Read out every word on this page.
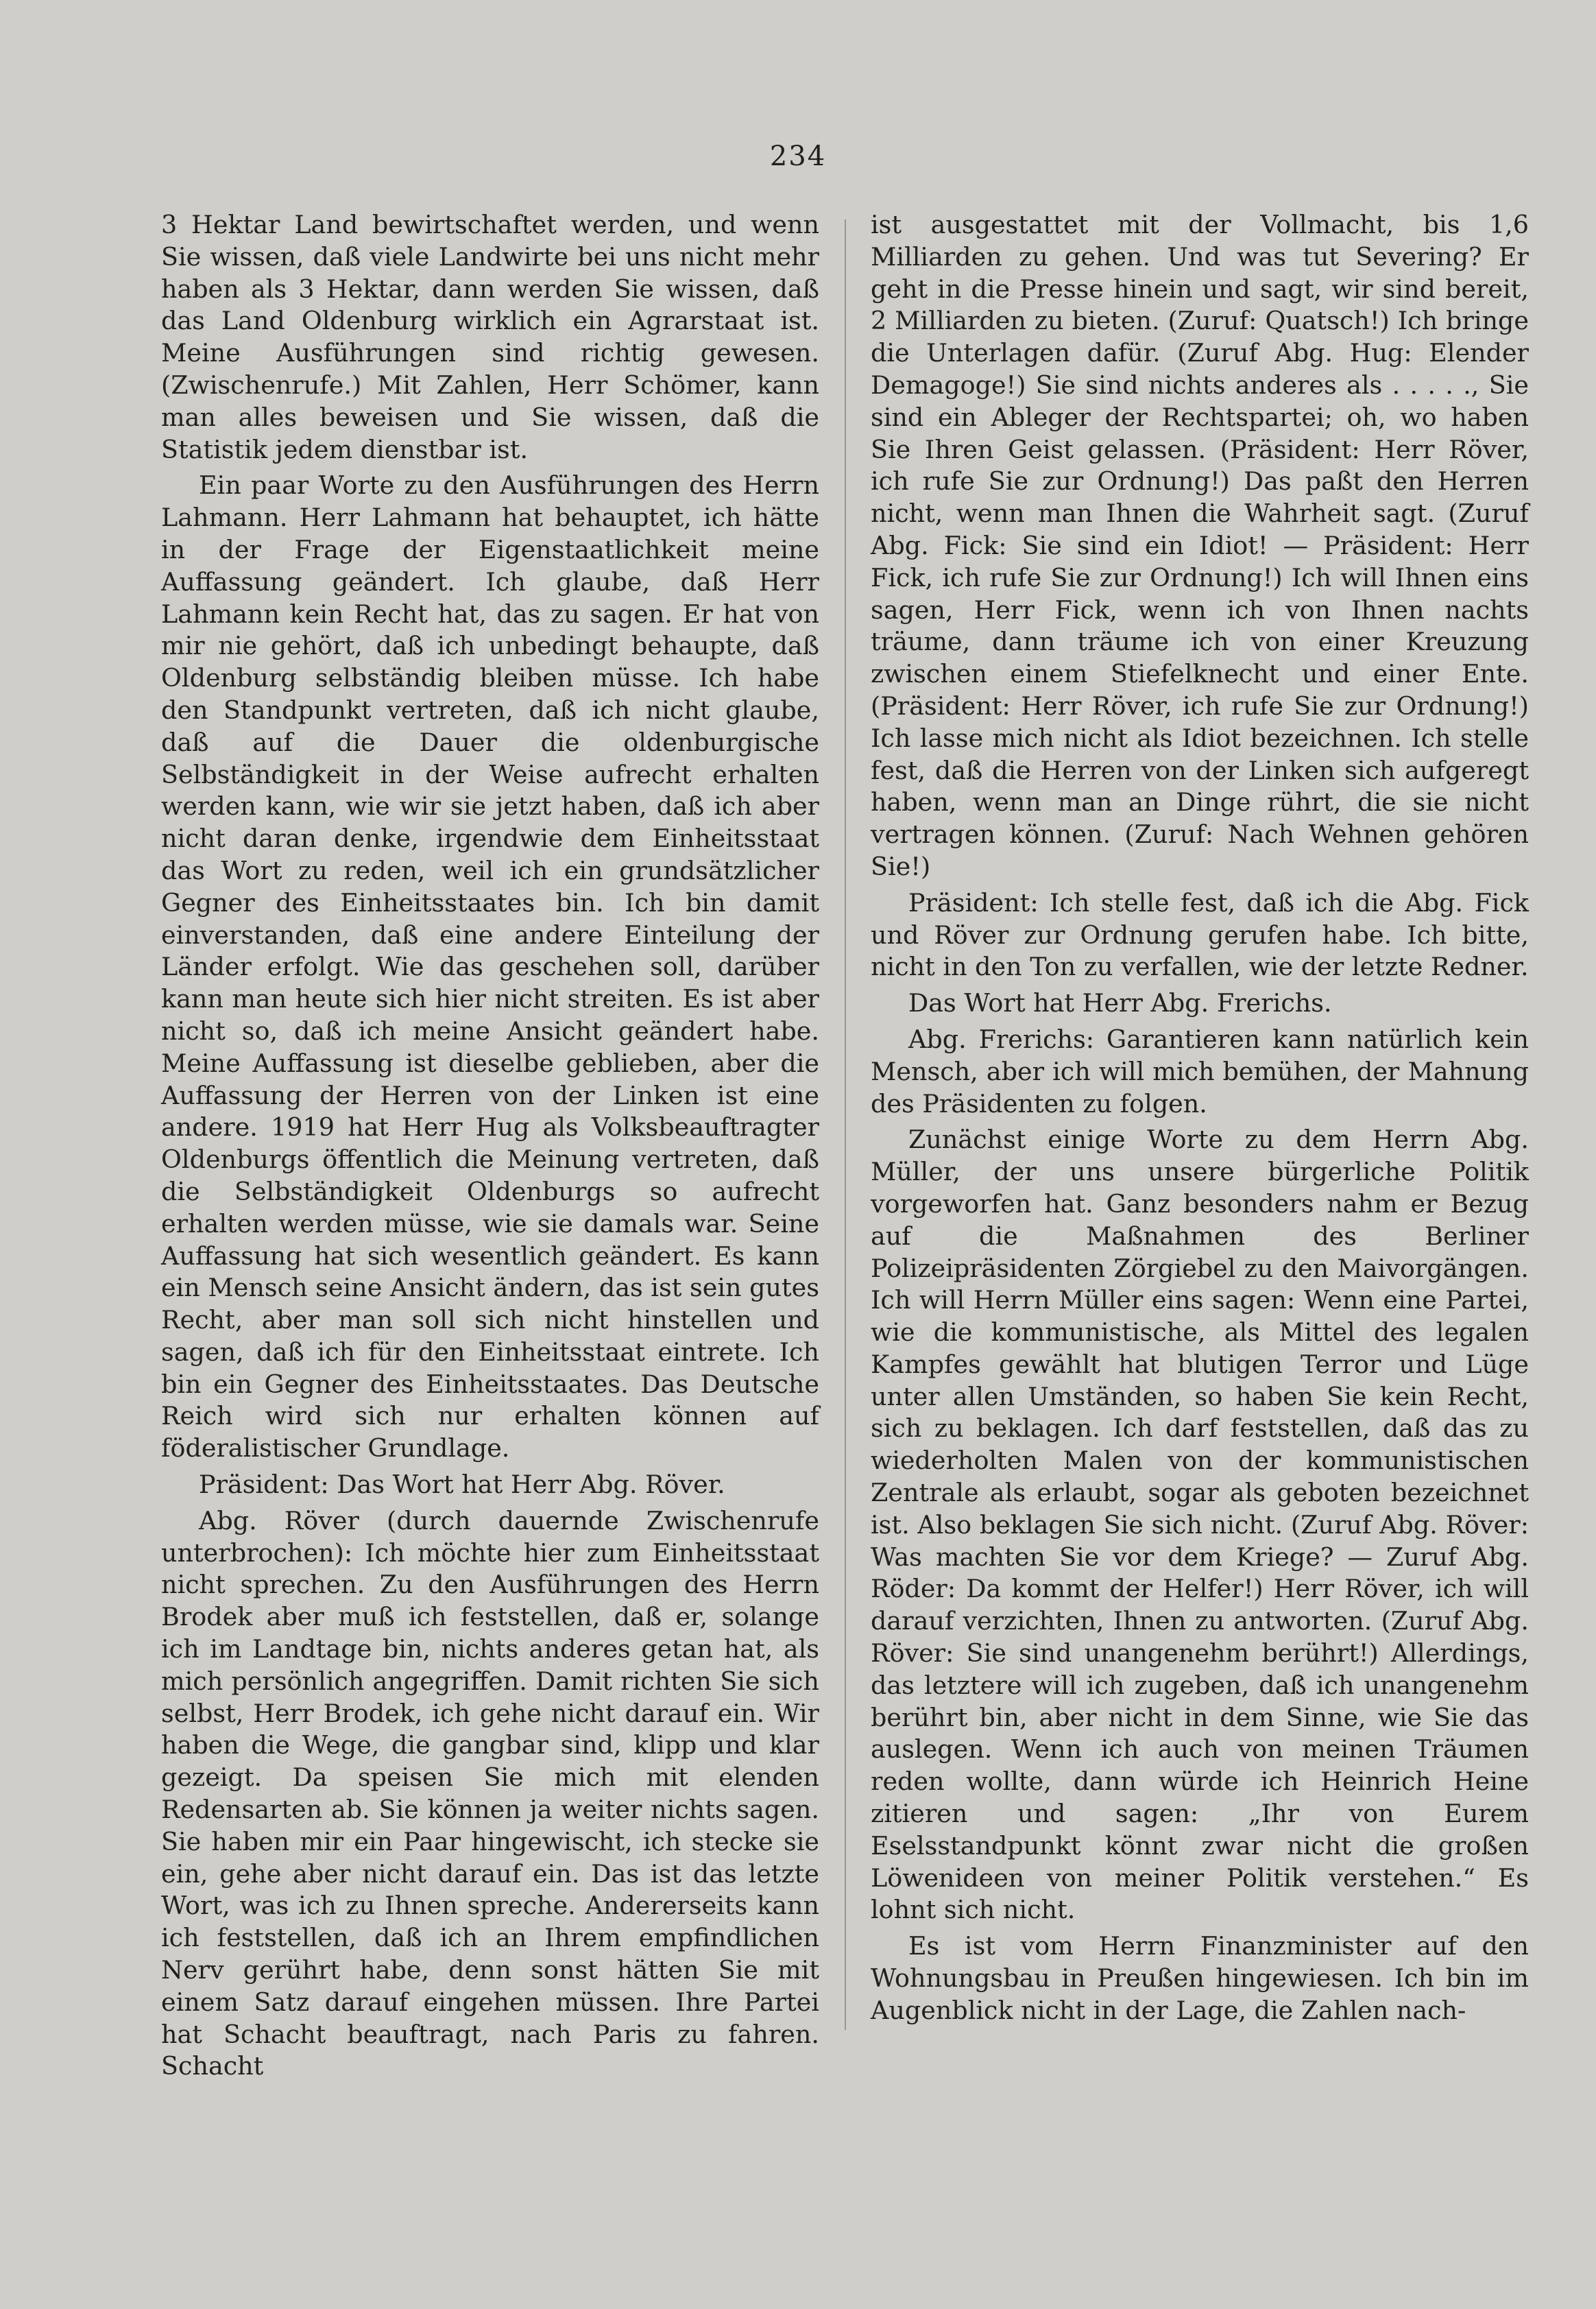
234

3 Hektar Land bewirtschaftet werden, und wenn Sie wissen, daß viele Landwirte bei uns nicht mehr haben als 3 Hektar, dann werden Sie wissen, daß das Land Oldenburg wirklich ein Agrarstaat ist. Meine Ausführungen sind richtig gewesen. (Zwischenrufe.) Mit Zahlen, Herr Schömer, kann man alles beweisen und Sie wissen, daß die Statistik jedem dienstbar ist.

Ein paar Worte zu den Ausführungen des Herrn Lahmann. Herr Lahmann hat behauptet, ich hätte in der Frage der Eigenstaatlichkeit meine Auffassung geändert. Ich glaube, daß Herr Lahmann kein Recht hat, das zu sagen. Er hat von mir nie gehört, daß ich unbedingt behaupte, daß Oldenburg selbständig bleiben müsse. Ich habe den Standpunkt vertreten, daß ich nicht glaube, daß auf die Dauer die oldenburgische Selbständigkeit in der Weise aufrecht erhalten werden kann, wie wir sie jetzt haben, daß ich aber nicht daran denke, irgendwie dem Einheitsstaat das Wort zu reden, weil ich ein grundsätzlicher Gegner des Einheitsstaates bin. Ich bin damit einverstanden, daß eine andere Einteilung der Länder erfolgt. Wie das geschehen soll, darüber kann man heute sich hier nicht streiten. Es ist aber nicht so, daß ich meine Ansicht geändert habe. Meine Auffassung ist dieselbe geblieben, aber die Auffassung der Herren von der Linken ist eine andere. 1919 hat Herr Hug als Volksbeauftragter Oldenburgs öffentlich die Meinung vertreten, daß die Selbständigkeit Oldenburgs so aufrecht erhalten werden müsse, wie sie damals war. Seine Auffassung hat sich wesentlich geändert. Es kann ein Mensch seine Ansicht ändern, das ist sein gutes Recht, aber man soll sich nicht hinstellen und sagen, daß ich für den Einheitsstaat eintrete. Ich bin ein Gegner des Einheitsstaates. Das Deutsche Reich wird sich nur erhalten können auf föderalistischer Grundlage.

Präsident: Das Wort hat Herr Abg. Röver.

Abg. Röver (durch dauernde Zwischenrufe unterbrochen): Ich möchte hier zum Einheitsstaat nicht sprechen. Zu den Ausführungen des Herrn Brodek aber muß ich feststellen, daß er, solange ich im Landtage bin, nichts anderes getan hat, als mich persönlich angegriffen. Damit richten Sie sich selbst, Herr Brodek, ich gehe nicht darauf ein. Wir haben die Wege, die gangbar sind, klipp und klar gezeigt. Da speisen Sie mich mit elenden Redensarten ab. Sie können ja weiter nichts sagen. Sie haben mir ein Paar hingewischt, ich stecke sie ein, gehe aber nicht darauf ein. Das ist das letzte Wort, was ich zu Ihnen spreche. Andererseits kann ich feststellen, daß ich an Ihrem empfindlichen Nerv gerührt habe, denn sonst hätten Sie mit einem Satz darauf eingehen müssen. Ihre Partei hat Schacht beauftragt, nach Paris zu fahren. Schacht

ist ausgestattet mit der Vollmacht, bis 1,6 Milliarden zu gehen. Und was tut Severing? Er geht in die Presse hinein und sagt, wir sind bereit, 2 Milliarden zu bieten. (Zuruf: Quatsch!) Ich bringe die Unterlagen dafür. (Zuruf Abg. Hug: Elender Demagoge!) Sie sind nichts anderes als . . . . ., Sie sind ein Ableger der Rechtspartei; oh, wo haben Sie Ihren Geist gelassen. (Präsident: Herr Röver, ich rufe Sie zur Ordnung!) Das paßt den Herren nicht, wenn man Ihnen die Wahrheit sagt. (Zuruf Abg. Fick: Sie sind ein Idiot! — Präsident: Herr Fick, ich rufe Sie zur Ordnung!) Ich will Ihnen eins sagen, Herr Fick, wenn ich von Ihnen nachts träume, dann träume ich von einer Kreuzung zwischen einem Stiefelknecht und einer Ente. (Präsident: Herr Röver, ich rufe Sie zur Ordnung!) Ich lasse mich nicht als Idiot bezeichnen. Ich stelle fest, daß die Herren von der Linken sich aufgeregt haben, wenn man an Dinge rührt, die sie nicht vertragen können. (Zuruf: Nach Wehnen gehören Sie!)

Präsident: Ich stelle fest, daß ich die Abg. Fick und Röver zur Ordnung gerufen habe. Ich bitte, nicht in den Ton zu verfallen, wie der letzte Redner.

Das Wort hat Herr Abg. Frerichs.

Abg. Frerichs: Garantieren kann natürlich kein Mensch, aber ich will mich bemühen, der Mahnung des Präsidenten zu folgen.

Zunächst einige Worte zu dem Herrn Abg. Müller, der uns unsere bürgerliche Politik vorgeworfen hat. Ganz besonders nahm er Bezug auf die Maßnahmen des Berliner Polizeipräsidenten Zörgiebel zu den Maivorgängen. Ich will Herrn Müller eins sagen: Wenn eine Partei, wie die kommunistische, als Mittel des legalen Kampfes gewählt hat blutigen Terror und Lüge unter allen Umständen, so haben Sie kein Recht, sich zu beklagen. Ich darf feststellen, daß das zu wiederholten Malen von der kommunistischen Zentrale als erlaubt, sogar als geboten bezeichnet ist. Also beklagen Sie sich nicht. (Zuruf Abg. Röver: Was machten Sie vor dem Kriege? — Zuruf Abg. Röder: Da kommt der Helfer!) Herr Röver, ich will darauf verzichten, Ihnen zu antworten. (Zuruf Abg. Röver: Sie sind unangenehm berührt!) Allerdings, das letztere will ich zugeben, daß ich unangenehm berührt bin, aber nicht in dem Sinne, wie Sie das auslegen. Wenn ich auch von meinen Träumen reden wollte, dann würde ich Heinrich Heine zitieren und sagen: „Ihr von Eurem Eselsstandpunkt könnt zwar nicht die großen Löwenideen von meiner Politik verstehen.“ Es lohnt sich nicht.

Es ist vom Herrn Finanzminister auf den Wohnungsbau in Preußen hingewiesen. Ich bin im Augenblick nicht in der Lage, die Zahlen nach-
